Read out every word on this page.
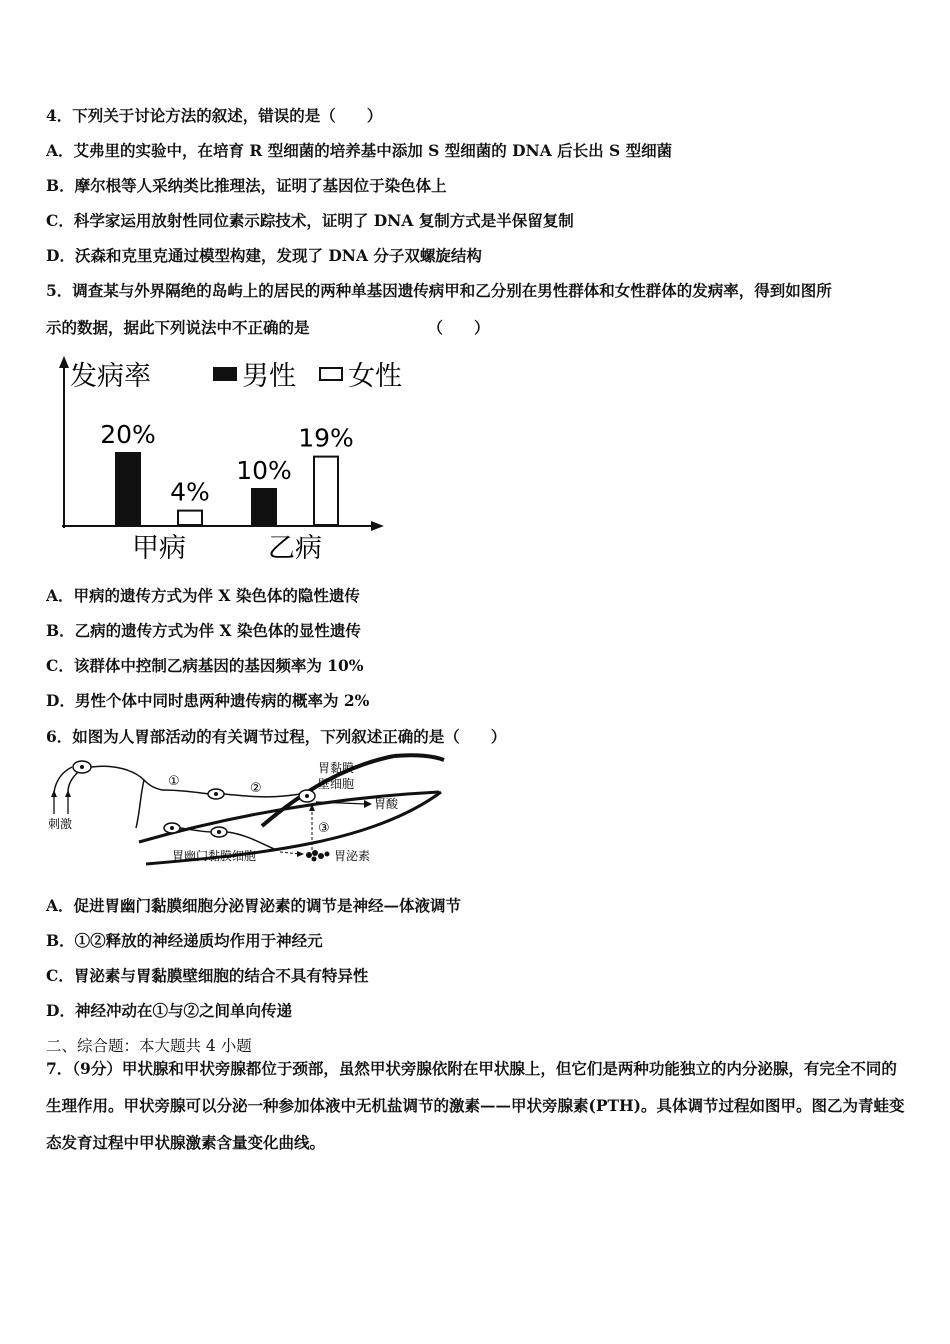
4．下列关于讨论方法的叙述，错误的是（　　）
A．艾弗里的实验中，在培育 R 型细菌的培养基中添加 S 型细菌的 DNA 后长出 S 型细菌
B．摩尔根等人采纳类比推理法，证明了基因位于染色体上
C．科学家运用放射性同位素示踪技术，证明了 DNA 复制方式是半保留复制
D．沃森和克里克通过模型构建，发现了 DNA 分子双螺旋结构
5．调查某与外界隔绝的岛屿上的居民的两种单基因遗传病甲和乙分别在男性群体和女性群体的发病率，得到如图所
示的数据，据此下列说法中不正确的是	（　　）
发病率	男性 女性
20%
4%
10%
19%
甲病	乙病
A．甲病的遗传方式为伴 X 染色体的隐性遗传
B．乙病的遗传方式为伴 X 染色体的显性遗传
C．该群体中控制乙病基因的基因频率为 10%
D．男性个体中同时患两种遗传病的概率为 2%
6．如图为人胃部活动的有关调节过程，下列叙述正确的是（　　）
刺激
①	②
③
胃黏膜
壁细胞
胃酸
胃泌素
胃幽门黏膜细胞
A．促进胃幽门黏膜细胞分泌胃泌素的调节是神经—体液调节
B．①②释放的神经递质均作用于神经元
C．胃泌素与胃黏膜壁细胞的结合不具有特异性
D．神经冲动在①与②之间单向传递
二、综合题：本大题共 4 小题
7．（9分）甲状腺和甲状旁腺都位于颈部，虽然甲状旁腺依附在甲状腺上，但它们是两种功能独立的内分泌腺，有完全不同的生理作用。甲状旁腺可以分泌一种参加体液中无机盐调节的激素——甲状旁腺素(PTH)。具体调节过程如图甲。图乙为青蛙变态发育过程中甲状腺激素含量变化曲线。
